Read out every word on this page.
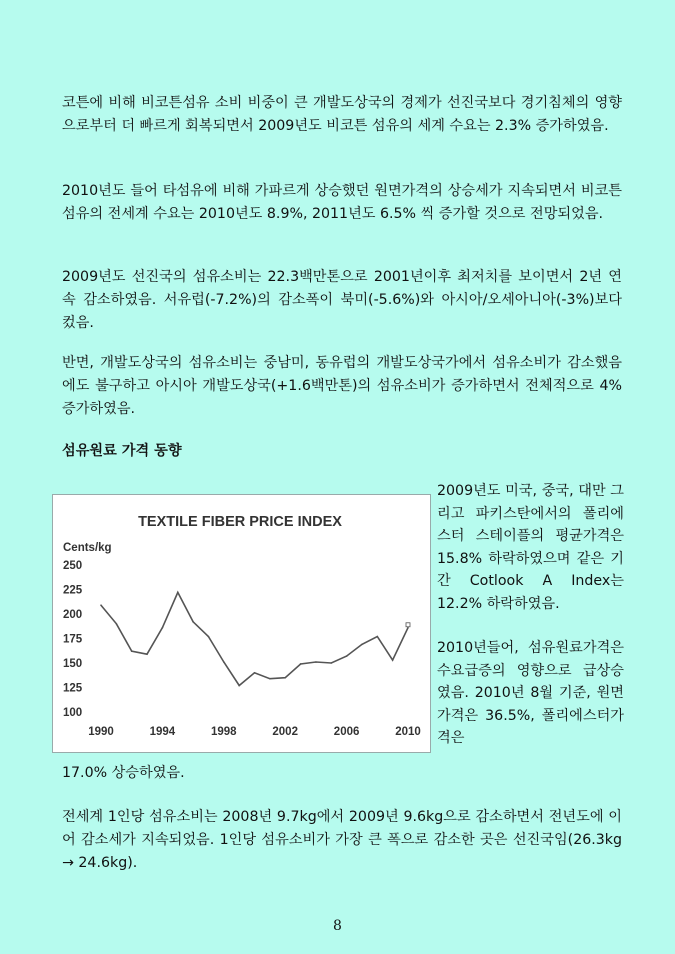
코튼에 비해 비코튼섬유 소비 비중이 큰 개발도상국의 경제가 선진국보다 경기침체의 영향으로부터 더 빠르게 회복되면서 2009년도 비코튼 섬유의 세계 수요는 2.3% 증가하였음.

2010년도 들어 타섬유에 비해 가파르게 상승했던 원면가격의 상승세가 지속되면서 비코튼 섬유의 전세계 수요는 2010년도 8.9%, 2011년도 6.5% 씩 증가할 것으로 전망되었음.

2009년도 선진국의 섬유소비는 22.3백만톤으로 2001년이후 최저치를 보이면서 2년 연속 감소하였음. 서유럽(-7.2%)의 감소폭이 북미(-5.6%)와 아시아/오세아니아(-3%)보다 컸음.

반면, 개발도상국의 섬유소비는 중남미, 동유럽의 개발도상국가에서 섬유소비가 감소했음에도 불구하고 아시아 개발도상국(+1.6백만톤)의 섬유소비가 증가하면서 전체적으로 4% 증가하였음.

섬유원료 가격 동향
TEXTILE FIBER PRICE INDEX
Cents/kg
250
225
200
175
150
125
100
1990	1994	1998	2002	2006	2010

2009년도 미국, 중국, 대만 그리고 파키스탄에서의 폴리에스터 스테이플의 평균가격은 15.8% 하락하였으며 같은 기간 Cotlook A Index는 12.2% 하락하였음.

2010년들어, 섬유원료가격은 수요급증의 영향으로 급상승였음. 2010년 8월 기준, 원면가격은 36.5%, 폴리에스터가격은

17.0% 상승하였음.

전세계 1인당 섬유소비는 2008년 9.7kg에서 2009년 9.6kg으로 감소하면서 전년도에 이어 감소세가 지속되었음. 1인당 섬유소비가 가장 큰 폭으로 감소한 곳은 선진국임(26.3kg → 24.6kg).

8
